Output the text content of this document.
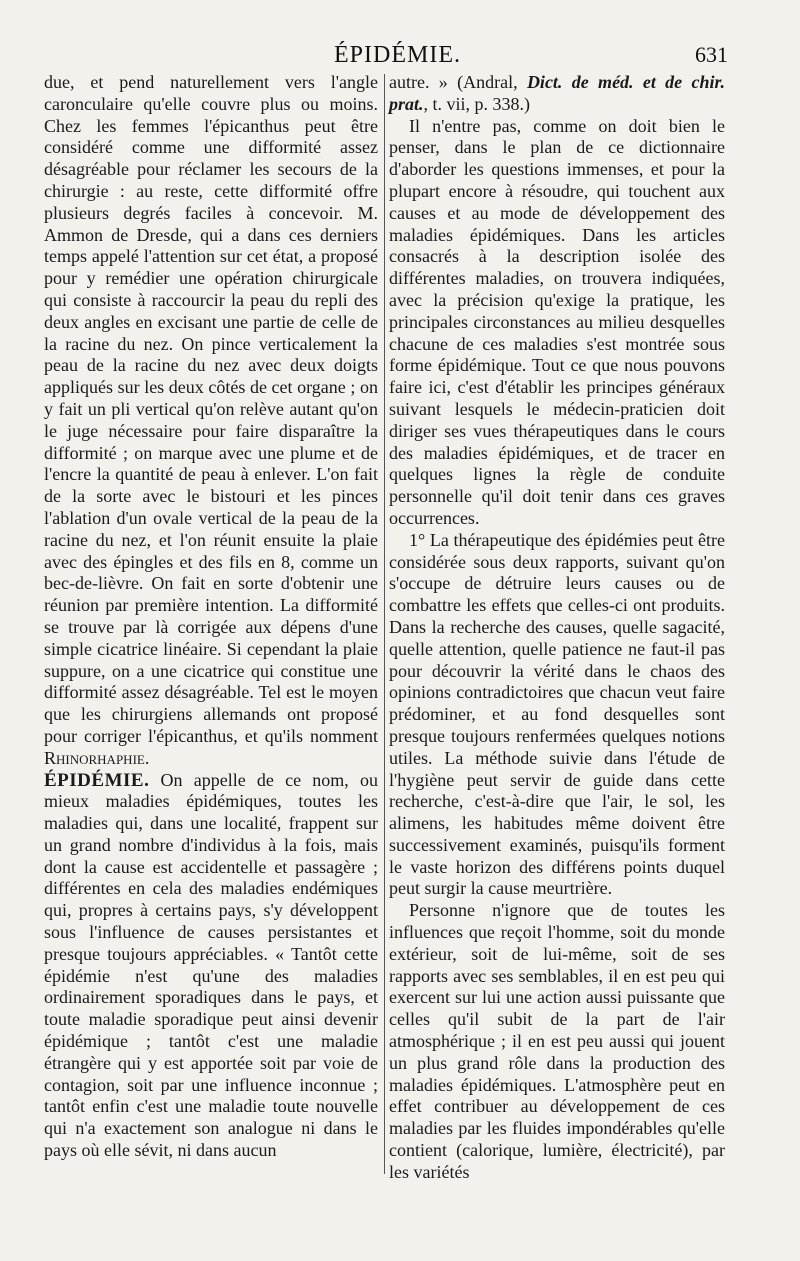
ÉPIDÉMIE.	631

due, et pend naturellement vers l'angle caronculaire qu'elle couvre plus ou moins. Chez les femmes l'épicanthus peut être considéré comme une difformité assez désagréable pour réclamer les secours de la chirurgie : au reste, cette difformité offre plusieurs degrés faciles à concevoir. M. Ammon de Dresde, qui a dans ces derniers temps appelé l'attention sur cet état, a proposé pour y remédier une opération chirurgicale qui consiste à raccourcir la peau du repli des deux angles en excisant une partie de celle de la racine du nez. On pince verticalement la peau de la racine du nez avec deux doigts appliqués sur les deux côtés de cet organe ; on y fait un pli vertical qu'on relève autant qu'on le juge nécessaire pour faire disparaître la difformité ; on marque avec une plume et de l'encre la quantité de peau à enlever. L'on fait de la sorte avec le bistouri et les pinces l'ablation d'un ovale vertical de la peau de la racine du nez, et l'on réunit ensuite la plaie avec des épingles et des fils en 8, comme un bec-de-lièvre. On fait en sorte d'obtenir une réunion par première intention. La difformité se trouve par là corrigée aux dépens d'une simple cicatrice linéaire. Si cependant la plaie suppure, on a une cicatrice qui constitue une difformité assez désagréable. Tel est le moyen que les chirurgiens allemands ont proposé pour corriger l'épicanthus, et qu'ils nomment Rhinorhaphie.

ÉPIDÉMIE. On appelle de ce nom, ou mieux maladies épidémiques, toutes les maladies qui, dans une localité, frappent sur un grand nombre d'individus à la fois, mais dont la cause est accidentelle et passagère ; différentes en cela des maladies endémiques qui, propres à certains pays, s'y développent sous l'influence de causes persistantes et presque toujours appréciables. « Tantôt cette épidémie n'est qu'une des maladies ordinairement sporadiques dans le pays, et toute maladie sporadique peut ainsi devenir épidémique ; tantôt c'est une maladie étrangère qui y est apportée soit par voie de contagion, soit par une influence inconnue ; tantôt enfin c'est une maladie toute nouvelle qui n'a exactement son analogue ni dans le pays où elle sévit, ni dans aucun

autre. » (Andral, Dict. de méd. et de chir. prat., t. vii, p. 338.)

Il n'entre pas, comme on doit bien le penser, dans le plan de ce dictionnaire d'aborder les questions immenses, et pour la plupart encore à résoudre, qui touchent aux causes et au mode de développement des maladies épidémiques. Dans les articles consacrés à la description isolée des différentes maladies, on trouvera indiquées, avec la précision qu'exige la pratique, les principales circonstances au milieu desquelles chacune de ces maladies s'est montrée sous forme épidémique. Tout ce que nous pouvons faire ici, c'est d'établir les principes généraux suivant lesquels le médecin-praticien doit diriger ses vues thérapeutiques dans le cours des maladies épidémiques, et de tracer en quelques lignes la règle de conduite personnelle qu'il doit tenir dans ces graves occurrences.

1° La thérapeutique des épidémies peut être considérée sous deux rapports, suivant qu'on s'occupe de détruire leurs causes ou de combattre les effets que celles-ci ont produits. Dans la recherche des causes, quelle sagacité, quelle attention, quelle patience ne faut-il pas pour découvrir la vérité dans le chaos des opinions contradictoires que chacun veut faire prédominer, et au fond desquelles sont presque toujours renfermées quelques notions utiles. La méthode suivie dans l'étude de l'hygiène peut servir de guide dans cette recherche, c'est-à-dire que l'air, le sol, les alimens, les habitudes même doivent être successivement examinés, puisqu'ils forment le vaste horizon des différens points duquel peut surgir la cause meurtrière.

Personne n'ignore que de toutes les influences que reçoit l'homme, soit du monde extérieur, soit de lui-même, soit de ses rapports avec ses semblables, il en est peu qui exercent sur lui une action aussi puissante que celles qu'il subit de la part de l'air atmosphérique ; il en est peu aussi qui jouent un plus grand rôle dans la production des maladies épidémiques. L'atmosphère peut en effet contribuer au développement de ces maladies par les fluides impondérables qu'elle contient (calorique, lumière, électricité), par les variétés
